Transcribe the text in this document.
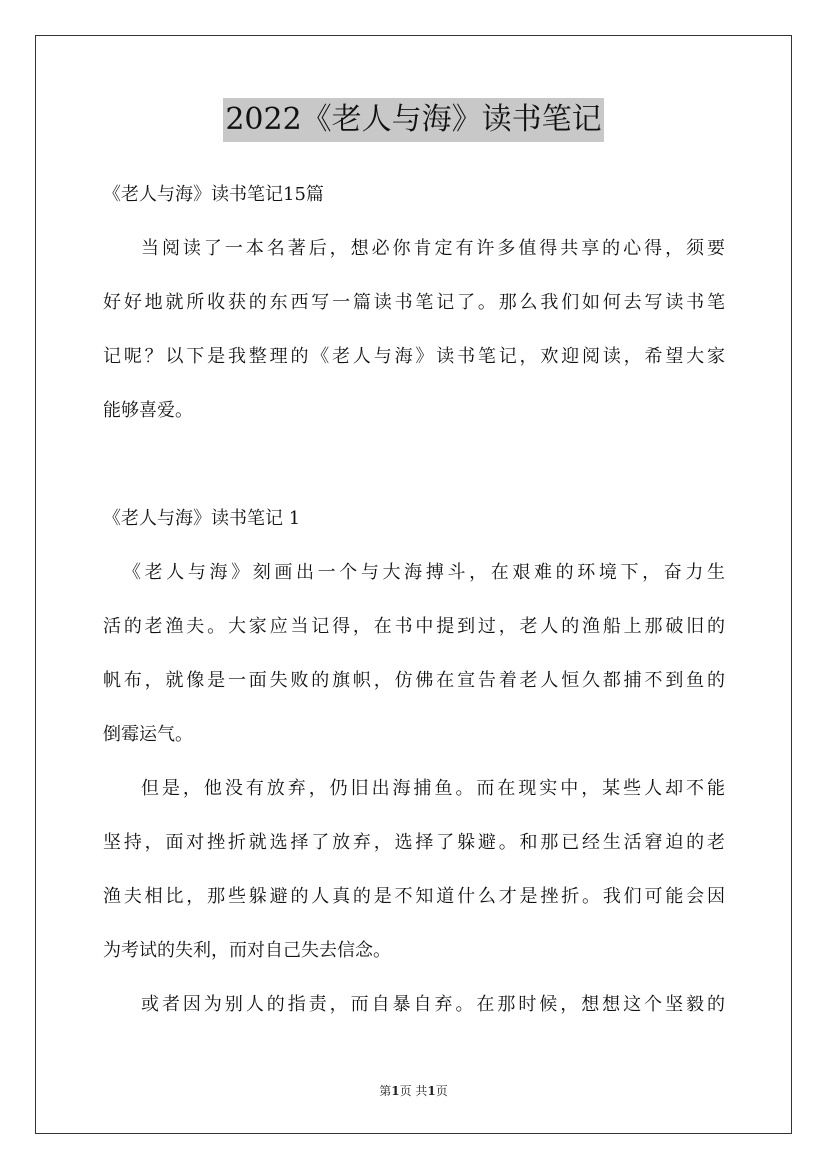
2022《老人与海》读书笔记
《老人与海》读书笔记15篇
当阅读了一本名著后，想必你肯定有许多值得共享的心得，须要
好好地就所收获的东西写一篇读书笔记了。那么我们如何去写读书笔
记呢？以下是我整理的《老人与海》读书笔记，欢迎阅读，希望大家
能够喜爱。
《老人与海》读书笔记 1
《老人与海》刻画出一个与大海搏斗，在艰难的环境下，奋力生
活的老渔夫。大家应当记得，在书中提到过，老人的渔船上那破旧的
帆布，就像是一面失败的旗帜，仿佛在宣告着老人恒久都捕不到鱼的
倒霉运气。
但是，他没有放弃，仍旧出海捕鱼。而在现实中，某些人却不能
坚持，面对挫折就选择了放弃，选择了躲避。和那已经生活窘迫的老
渔夫相比，那些躲避的人真的是不知道什么才是挫折。我们可能会因
为考试的失利，而对自己失去信念。
或者因为别人的指责，而自暴自弃。在那时候，想想这个坚毅的
第1页 共1页
